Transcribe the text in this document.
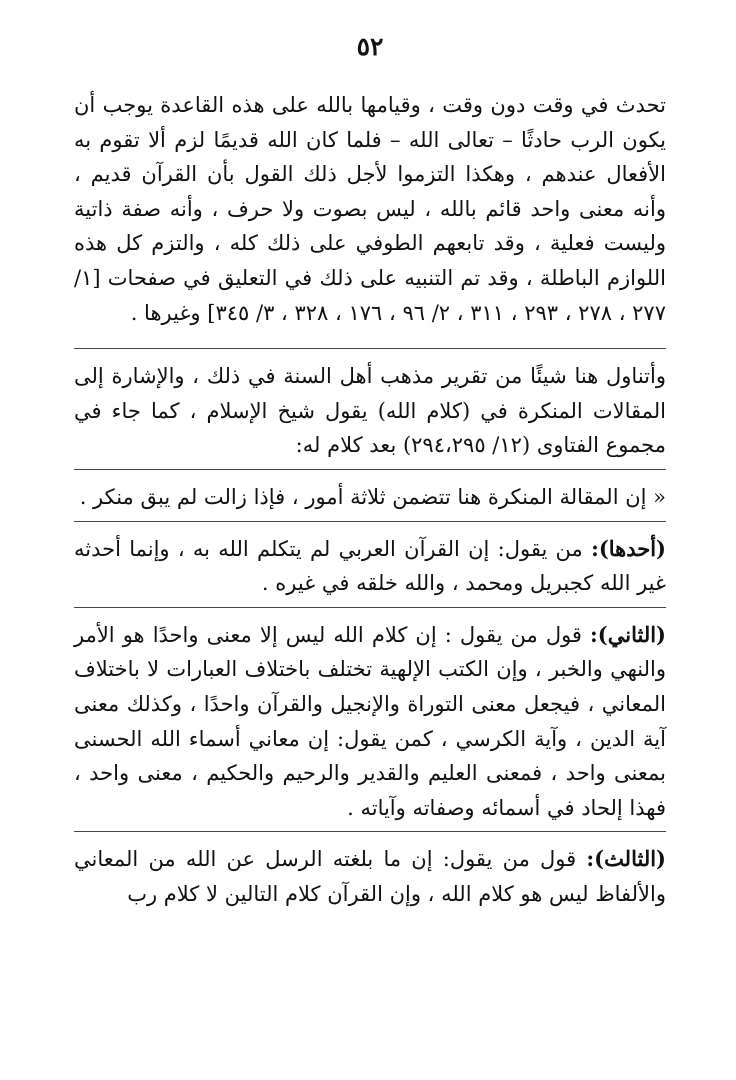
٥٢

تحدث في وقت دون وقت ، وقيامها بالله على هذه القاعدة يوجب أن يكون الرب حادثًا – تعالى الله – فلما كان الله قديمًا لزم ألا تقوم به الأفعال عندهم ، وهكذا التزموا لأجل ذلك القول بأن القرآن قديم ، وأنه معنى واحد قائم بالله ، ليس بصوت ولا حرف ، وأنه صفة ذاتية وليست فعلية ، وقد تابعهم الطوفي على ذلك كله ، والتزم كل هذه اللوازم الباطلة ، وقد تم التنبيه على ذلك في التعليق في صفحات [١/ ٢٧٧ ، ٢٧٨ ، ٢٩٣ ، ٣١١ ، ٢/ ٩٦ ، ١٧٦ ، ٣٢٨ ، ٣/ ٣٤٥] وغيرها .

وأتناول هنا شيئًا من تقرير مذهب أهل السنة في ذلك ، والإشارة إلى المقالات المنكرة في (كلام الله) يقول شيخ الإسلام ، كما جاء في مجموع الفتاوى (١٢/ ٢٩٤،٢٩٥) بعد كلام له:

« إن المقالة المنكرة هنا تتضمن ثلاثة أمور ، فإذا زالت لم يبق منكر .

(أحدها): من يقول: إن القرآن العربي لم يتكلم الله به ، وإنما أحدثه غير الله كجبريل ومحمد ، والله خلقه في غيره .

(الثاني): قول من يقول : إن كلام الله ليس إلا معنى واحدًا هو الأمر والنهي والخبر ، وإن الكتب الإلهية تختلف باختلاف العبارات لا باختلاف المعاني ، فيجعل معنى التوراة والإنجيل والقرآن واحدًا ، وكذلك معنى آية الدين ، وآية الكرسي ، كمن يقول: إن معاني أسماء الله الحسنى بمعنى واحد ، فمعنى العليم والقدير والرحيم والحكيم ، معنى واحد ، فهذا إلحاد في أسمائه وصفاته وآياته .

(الثالث): قول من يقول: إن ما بلغته الرسل عن الله من المعاني والألفاظ ليس هو كلام الله ، وإن القرآن كلام التالين لا كلام رب
